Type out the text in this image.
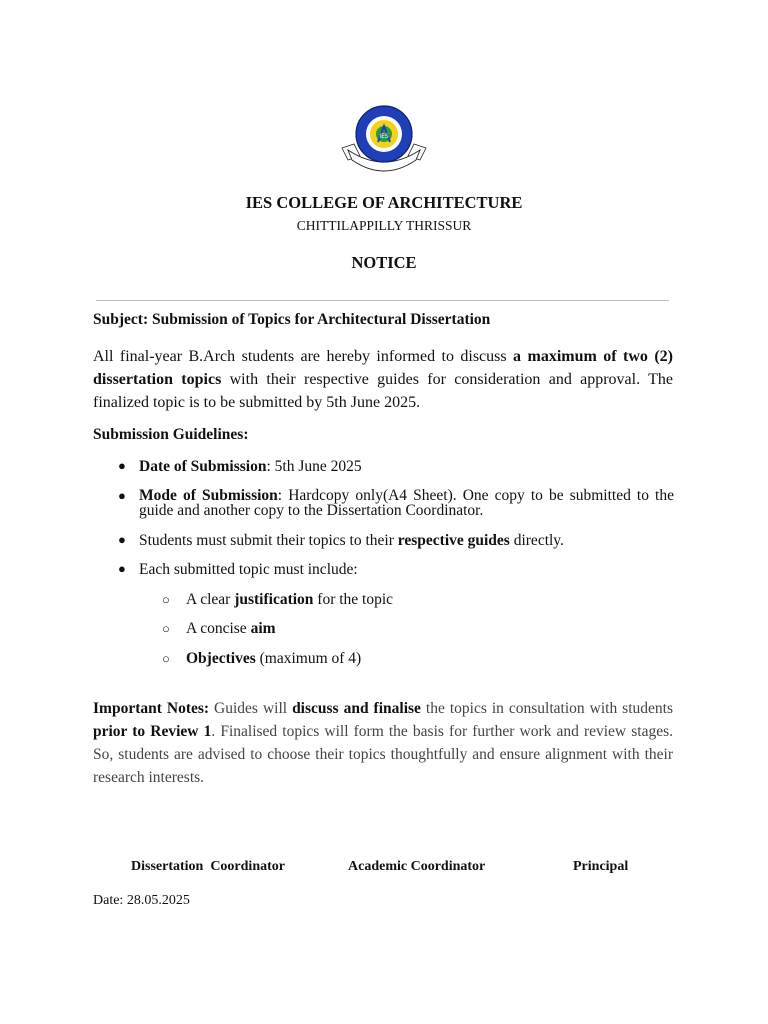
IES
IES COLLEGE OF ARCHITECTURE
CHITTILAPPILLY THRISSUR
NOTICE
Subject: Submission of Topics for Architectural Dissertation
All final-year B.Arch students are hereby informed to discuss a maximum of two (2) dissertation topics with their respective guides for consideration and approval. The finalized topic is to be submitted by 5th June 2025.
Submission Guidelines:
● Date of Submission: 5th June 2025
● Mode of Submission: Hardcopy only(A4 Sheet). One copy to be submitted to the guide and another copy to the Dissertation Coordinator.
● Students must submit their topics to their respective guides directly.
● Each submitted topic must include:
○ A clear justification for the topic
○ A concise aim
○ Objectives (maximum of 4)
Important Notes: Guides will discuss and finalise the topics in consultation with students prior to Review 1. Finalised topics will form the basis for further work and review stages. So, students are advised to choose their topics thoughtfully and ensure alignment with their research interests.
Dissertation  Coordinator	Academic Coordinator	Principal
Date: 28.05.2025
